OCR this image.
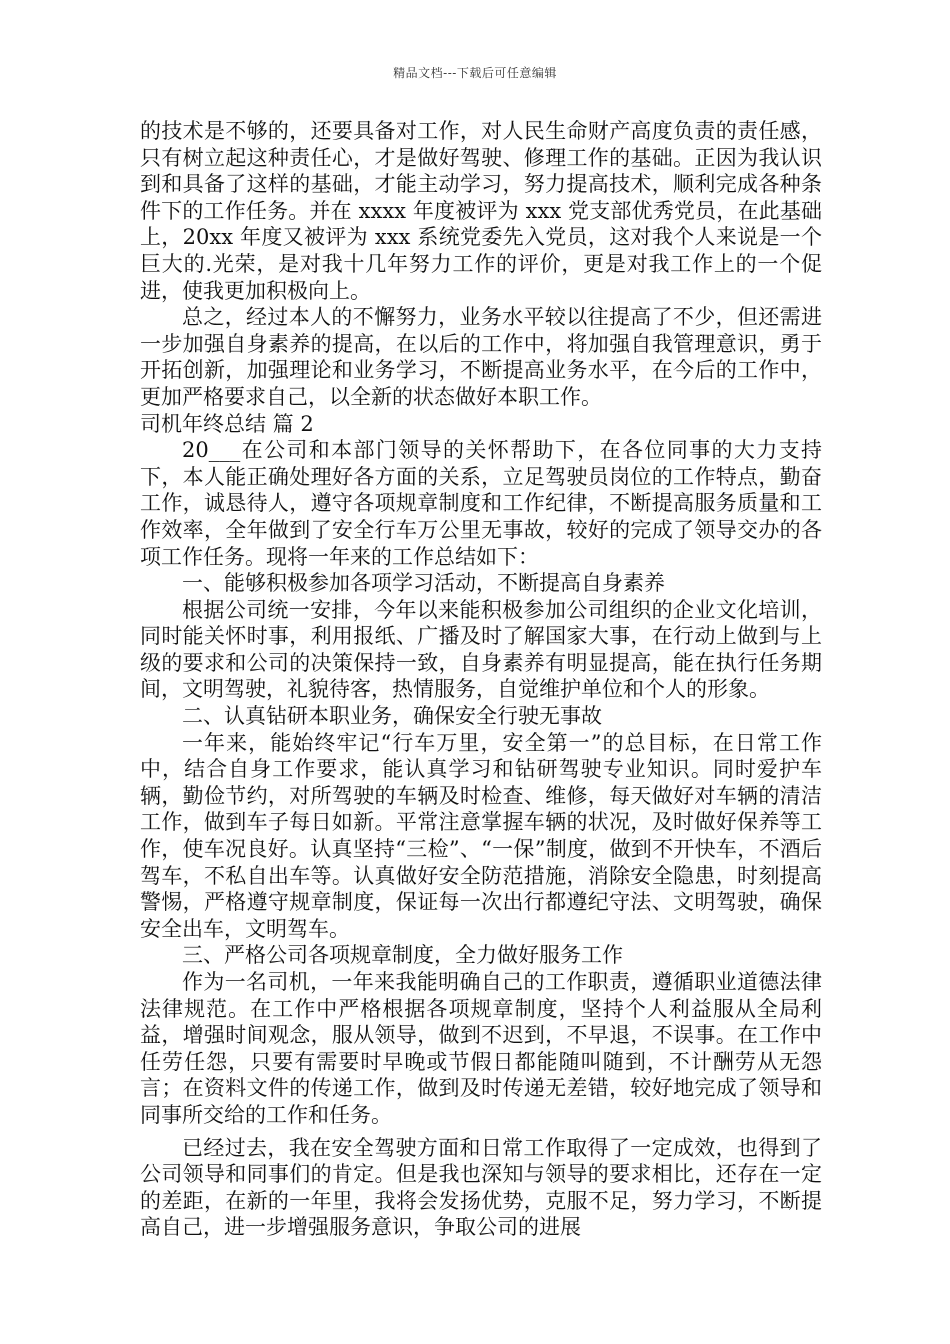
精品文档---下载后可任意编辑

的技术是不够的，还要具备对工作，对人民生命财产高度负责的责任感，只有树立起这种责任心，才是做好驾驶、修理工作的基础。正因为我认识到和具备了这样的基础，才能主动学习，努力提高技术，顺利完成各种条件下的工作任务。并在 xxxx 年度被评为 xxx 党支部优秀党员，在此基础上，20xx 年度又被评为 xxx 系统党委先入党员，这对我个人来说是一个巨大的.光荣，是对我十几年努力工作的评价，更是对我工作上的一个促进，使我更加积极向上。

总之，经过本人的不懈努力，业务水平较以往提高了不少，但还需进一步加强自身素养的提高，在以后的工作中，将加强自我管理意识，勇于开拓创新，加强理论和业务学习，不断提高业务水平，在今后的工作中，更加严格要求自己，以全新的状态做好本职工作。

司机年终总结 篇 2

20___在公司和本部门领导的关怀帮助下，在各位同事的大力支持下，本人能正确处理好各方面的关系，立足驾驶员岗位的工作特点，勤奋工作，诚恳待人，遵守各项规章制度和工作纪律，不断提高服务质量和工作效率，全年做到了安全行车万公里无事故，较好的完成了领导交办的各项工作任务。现将一年来的工作总结如下：

一、能够积极参加各项学习活动，不断提高自身素养

根据公司统一安排，今年以来能积极参加公司组织的企业文化培训，同时能关怀时事，利用报纸、广播及时了解国家大事，在行动上做到与上级的要求和公司的决策保持一致，自身素养有明显提高，能在执行任务期间，文明驾驶，礼貌待客，热情服务，自觉维护单位和个人的形象。

二、认真钻研本职业务，确保安全行驶无事故

一年来，能始终牢记“行车万里，安全第一”的总目标，在日常工作中，结合自身工作要求，能认真学习和钻研驾驶专业知识。同时爱护车辆，勤俭节约，对所驾驶的车辆及时检查、维修，每天做好对车辆的清洁工作，做到车子每日如新。平常注意掌握车辆的状况，及时做好保养等工作，使车况良好。认真坚持“三检”、“一保”制度，做到不开快车，不酒后驾车，不私自出车等。认真做好安全防范措施，消除安全隐患，时刻提高警惕，严格遵守规章制度，保证每一次出行都遵纪守法、文明驾驶，确保安全出车，文明驾车。

三、严格公司各项规章制度，全力做好服务工作

作为一名司机，一年来我能明确自己的工作职责，遵循职业道德法律法律规范。在工作中严格根据各项规章制度，坚持个人利益服从全局利益，增强时间观念，服从领导，做到不迟到，不早退，不误事。在工作中任劳任怨，只要有需要时早晚或节假日都能随叫随到，不计酬劳从无怨言；在资料文件的传递工作，做到及时传递无差错，较好地完成了领导和同事所交给的工作和任务。

已经过去，我在安全驾驶方面和日常工作取得了一定成效，也得到了公司领导和同事们的肯定。但是我也深知与领导的要求相比，还存在一定的差距，在新的一年里，我将会发扬优势，克服不足，努力学习，不断提高自己，进一步增强服务意识，争取公司的进展
